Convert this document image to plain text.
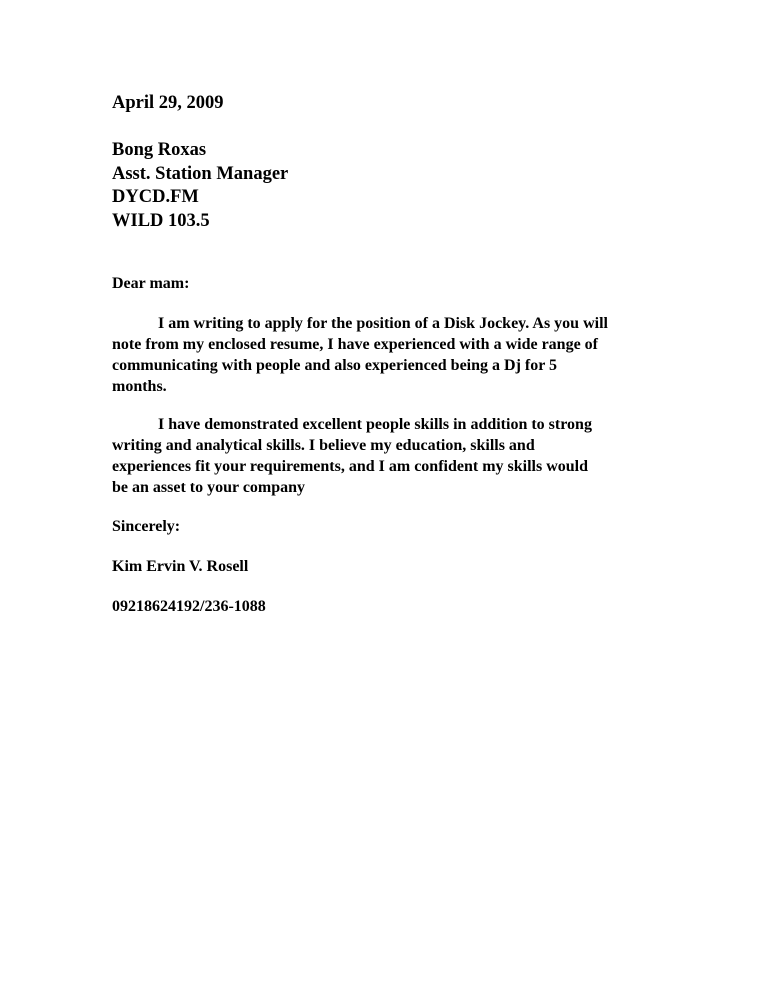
April 29, 2009
Bong Roxas
Asst. Station Manager
DYCD.FM
WILD 103.5
Dear mam:
I am writing to apply for the position of a Disk Jockey. As you will
note from my enclosed resume, I have experienced with a wide range of
communicating with people and also experienced being a Dj for 5
months.
I have demonstrated excellent people skills in addition to strong
writing and analytical skills. I believe my education, skills and
experiences fit your requirements, and I am confident my skills would
be an asset to your company
Sincerely:
Kim Ervin V. Rosell
09218624192/236-1088
